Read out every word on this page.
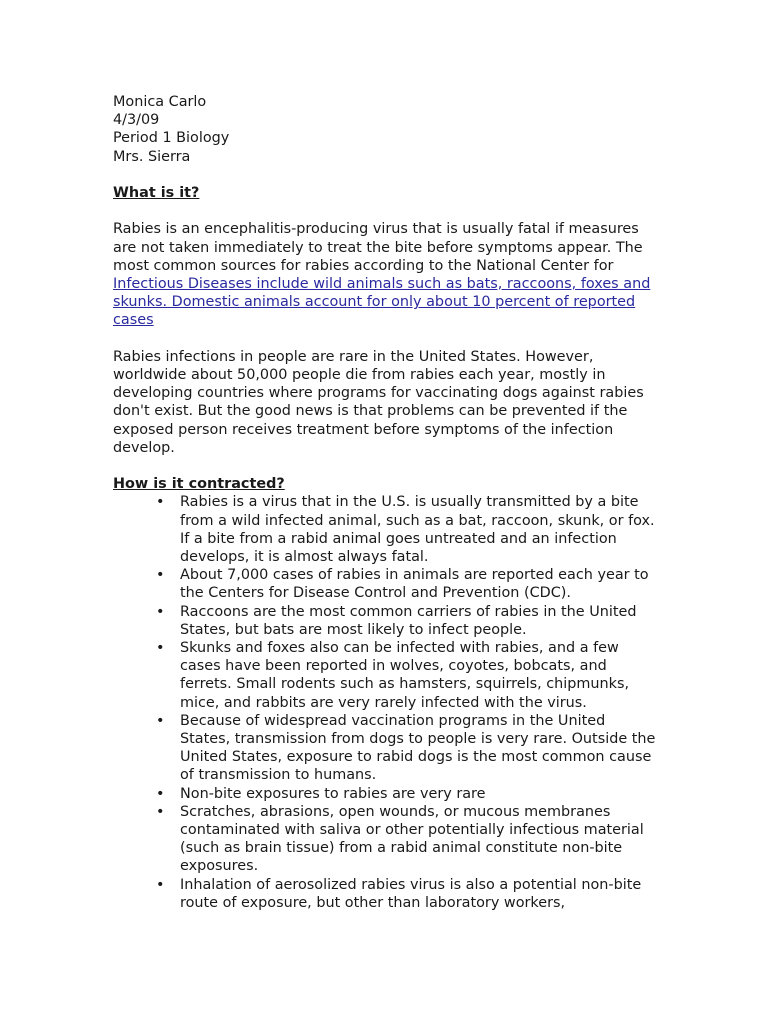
Monica Carlo
4/3/09
Period 1 Biology
Mrs. Sierra
What is it?

Rabies is an encephalitis-producing virus that is usually fatal if measures are not taken immediately to treat the bite before symptoms appear. The most common sources for rabies according to the National Center for Infectious Diseases include wild animals such as bats, raccoons, foxes and skunks. Domestic animals account for only about 10 percent of reported cases

Rabies infections in people are rare in the United States. However, worldwide about 50,000 people die from rabies each year, mostly in developing countries where programs for vaccinating dogs against rabies don't exist. But the good news is that problems can be prevented if the exposed person receives treatment before symptoms of the infection develop.

How is it contracted?
• Rabies is a virus that in the U.S. is usually transmitted by a bite from a wild infected animal, such as a bat, raccoon, skunk, or fox. If a bite from a rabid animal goes untreated and an infection develops, it is almost always fatal.
• About 7,000 cases of rabies in animals are reported each year to the Centers for Disease Control and Prevention (CDC).
• Raccoons are the most common carriers of rabies in the United States, but bats are most likely to infect people.
• Skunks and foxes also can be infected with rabies, and a few cases have been reported in wolves, coyotes, bobcats, and ferrets. Small rodents such as hamsters, squirrels, chipmunks, mice, and rabbits are very rarely infected with the virus.
• Because of widespread vaccination programs in the United States, transmission from dogs to people is very rare. Outside the United States, exposure to rabid dogs is the most common cause of transmission to humans.
• Non-bite exposures to rabies are very rare
• Scratches, abrasions, open wounds, or mucous membranes contaminated with saliva or other potentially infectious material (such as brain tissue) from a rabid animal constitute non-bite exposures.
• Inhalation of aerosolized rabies virus is also a potential non-bite route of exposure, but other than laboratory workers,
